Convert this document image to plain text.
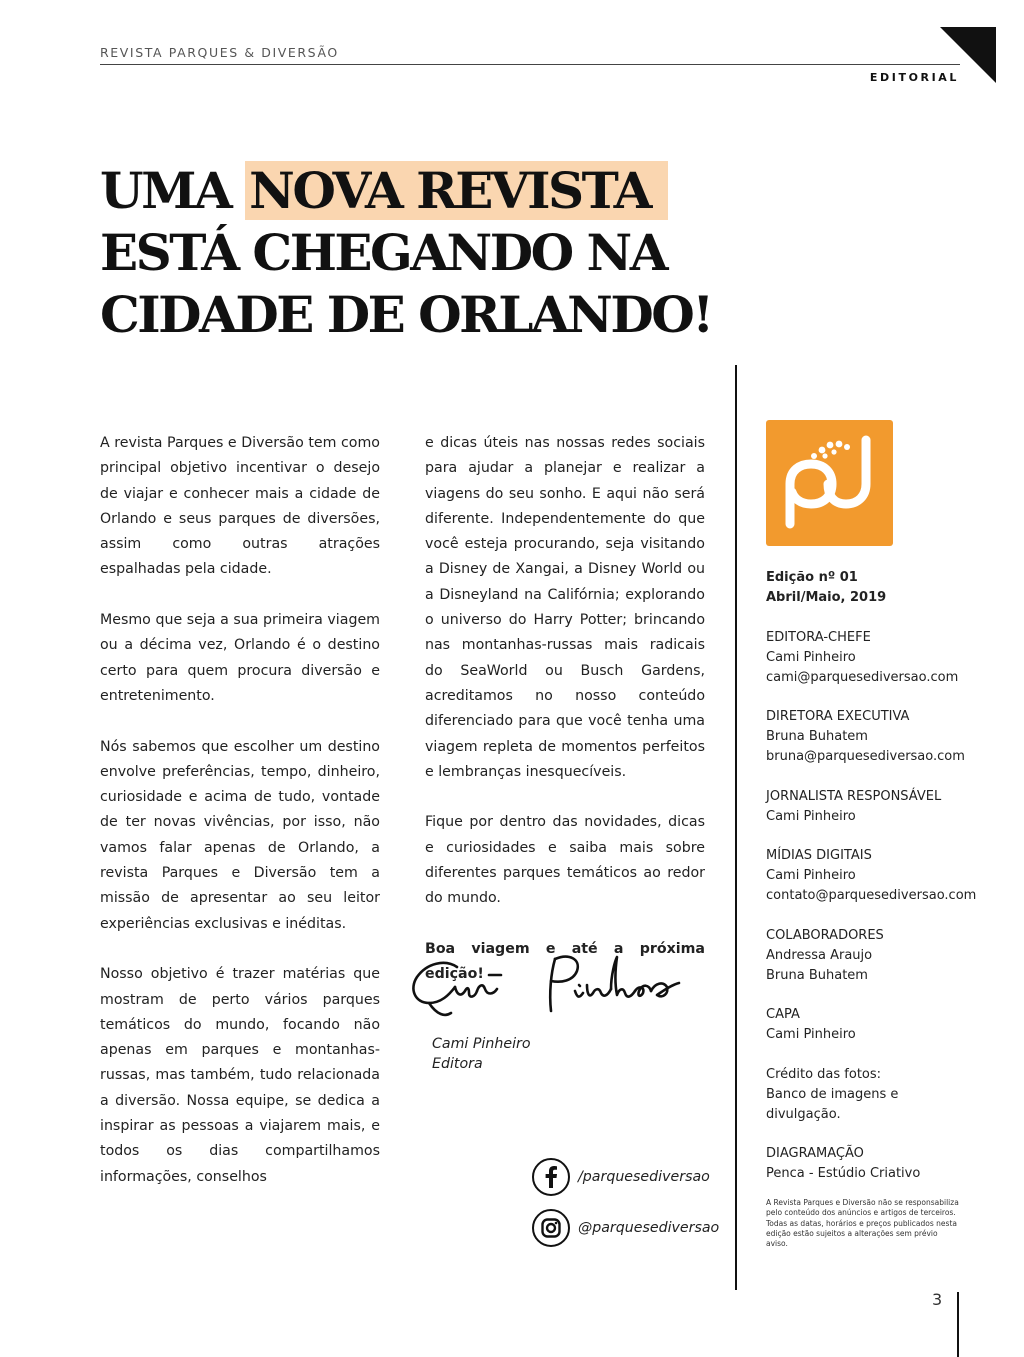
REVISTA PARQUES & DIVERSÃO
EDITORIAL
UMA NOVA REVISTA
ESTÁ CHEGANDO NA
CIDADE DE ORLANDO!

A revista Parques e Diversão tem como principal objetivo incentivar o desejo de viajar e conhecer mais a cidade de Orlando e seus parques de diversões, assim como outras atrações espalhadas pela cidade.

Mesmo que seja a sua primeira viagem ou a décima vez, Orlando é o destino certo para quem procura diversão e entretenimento.

Nós sabemos que escolher um destino envolve preferências, tempo, dinheiro, curiosidade e acima de tudo, vontade de ter novas vivências, por isso, não vamos falar apenas de Orlando, a revista Parques e Diversão tem a missão de apresentar ao seu leitor experiências exclusivas e inéditas.

Nosso objetivo é trazer matérias que mostram de perto vários parques temáticos do mundo, focando não apenas em parques e montanhas-russas, mas também, tudo relacionada a diversão. Nossa equipe, se dedica a inspirar as pessoas a viajarem mais, e todos os dias compartilhamos informações, conselhos

e dicas úteis nas nossas redes sociais para ajudar a planejar e realizar a viagens do seu sonho. E aqui não será diferente. Independentemente do que você esteja procurando, seja visitando a Disney de Xangai, a Disney World ou a Disneyland na Califórnia; explorando o universo do Harry Potter; brincando nas montanhas-russas mais radicais do SeaWorld ou Busch Gardens, acreditamos no nosso conteúdo diferenciado para que você tenha uma viagem repleta de momentos perfeitos e lembranças inesquecíveis.

Fique por dentro das novidades, dicas e curiosidades e saiba mais sobre diferentes parques temáticos ao redor do mundo.

Boa viagem e até a próxima edição!

Cami Pinheiro
Editora
/parquesediversao
@parquesediversao
Edição nº 01
Abril/Maio, 2019
EDITORA-CHEFE
Cami Pinheiro
cami@parquesediversao.com
DIRETORA EXECUTIVA
Bruna Buhatem
bruna@parquesediversao.com
JORNALISTA RESPONSÁVEL
Cami Pinheiro
MÍDIAS DIGITAIS
Cami Pinheiro
contato@parquesediversao.com
COLABORADORES
Andressa Araujo
Bruna Buhatem
CAPA
Cami Pinheiro
Crédito das fotos:
Banco de imagens e divulgação.
DIAGRAMAÇÃO
Penca - Estúdio Criativo
A Revista Parques e Diversão não se responsabiliza pelo conteúdo dos anúncios e artigos de terceiros. Todas as datas, horários e preços publicados nesta edição estão sujeitos a alterações sem prévio aviso.
3
